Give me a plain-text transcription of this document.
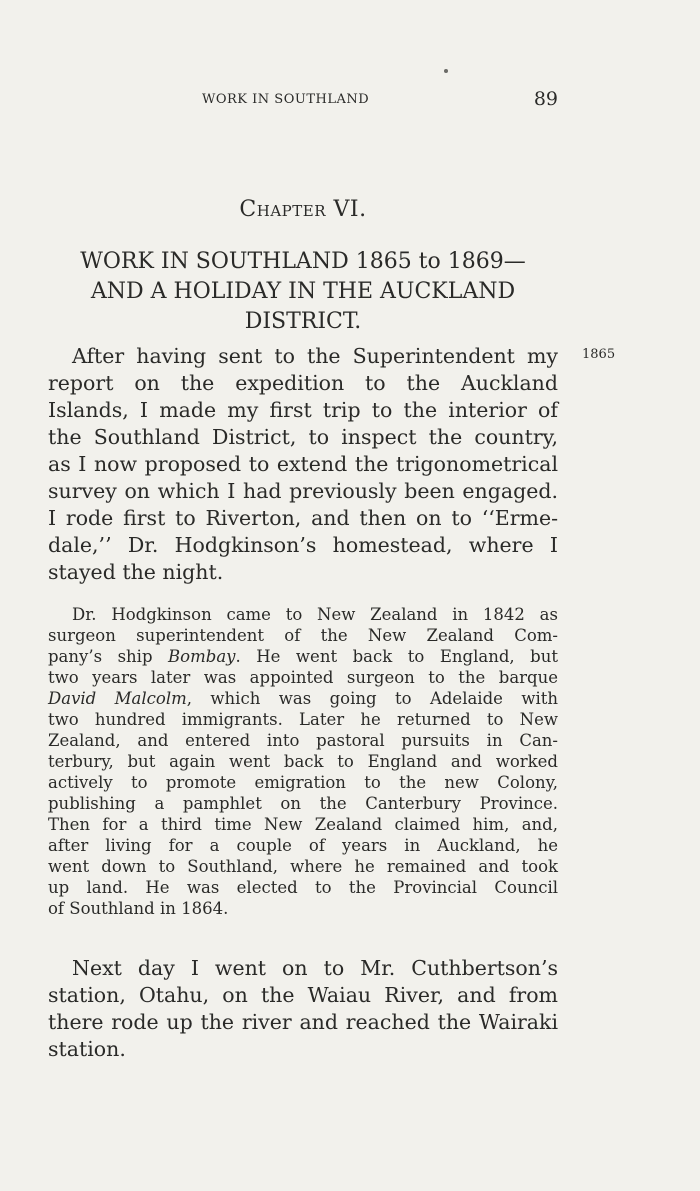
WORK IN SOUTHLAND	89
Chapter VI.
WORK IN SOUTHLAND 1865 to 1869—
AND A HOLIDAY IN THE AUCKLAND
DISTRICT.
1865
After having sent to the Superintendent my
report on the expedition to the Auckland
Islands, I made my first trip to the interior of
the Southland District, to inspect the country,
as I now proposed to extend the trigonometrical
survey on which I had previously been engaged.
I rode first to Riverton, and then on to ‘‘Erme-
dale,’’ Dr. Hodgkinson’s homestead, where I
stayed the night.
Dr. Hodgkinson came to New Zealand in 1842 as
surgeon superintendent of the New Zealand Com-
pany’s ship Bombay. He went back to England, but
two years later was appointed surgeon to the barque
David Malcolm, which was going to Adelaide with
two hundred immigrants. Later he returned to New
Zealand, and entered into pastoral pursuits in Can-
terbury, but again went back to England and worked
actively to promote emigration to the new Colony,
publishing a pamphlet on the Canterbury Province.
Then for a third time New Zealand claimed him, and,
after living for a couple of years in Auckland, he
went down to Southland, where he remained and took
up land. He was elected to the Provincial Council
of Southland in 1864.
Next day I went on to Mr. Cuthbertson’s
station, Otahu, on the Waiau River, and from
there rode up the river and reached the Wairaki
station.
